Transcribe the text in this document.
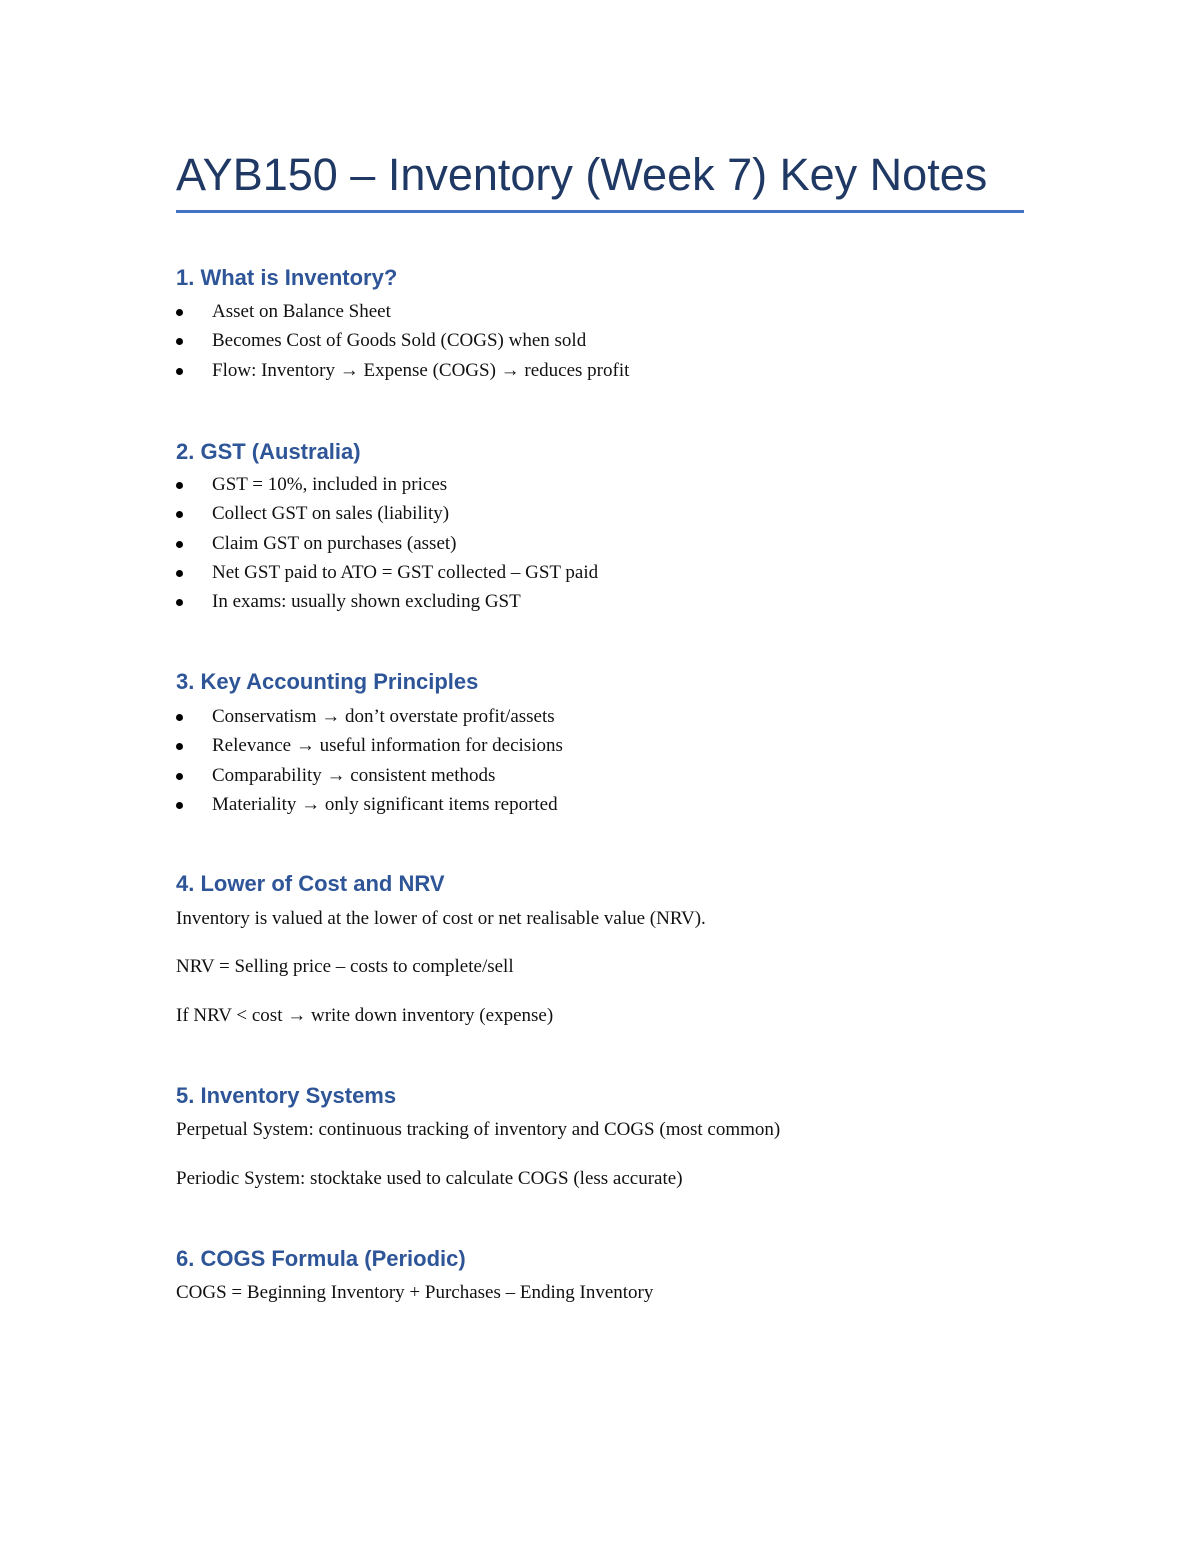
AYB150 – Inventory (Week 7) Key Notes
1. What is Inventory?
Asset on Balance Sheet
Becomes Cost of Goods Sold (COGS) when sold
Flow: Inventory → Expense (COGS) → reduces profit
2. GST (Australia)
GST = 10%, included in prices
Collect GST on sales (liability)
Claim GST on purchases (asset)
Net GST paid to ATO = GST collected – GST paid
In exams: usually shown excluding GST
3. Key Accounting Principles
Conservatism → don’t overstate profit/assets
Relevance → useful information for decisions
Comparability → consistent methods
Materiality → only significant items reported
4. Lower of Cost and NRV

Inventory is valued at the lower of cost or net realisable value (NRV).

NRV = Selling price – costs to complete/sell

If NRV < cost → write down inventory (expense)

5. Inventory Systems

Perpetual System: continuous tracking of inventory and COGS (most common)

Periodic System: stocktake used to calculate COGS (less accurate)

6. COGS Formula (Periodic)

COGS = Beginning Inventory + Purchases – Ending Inventory
